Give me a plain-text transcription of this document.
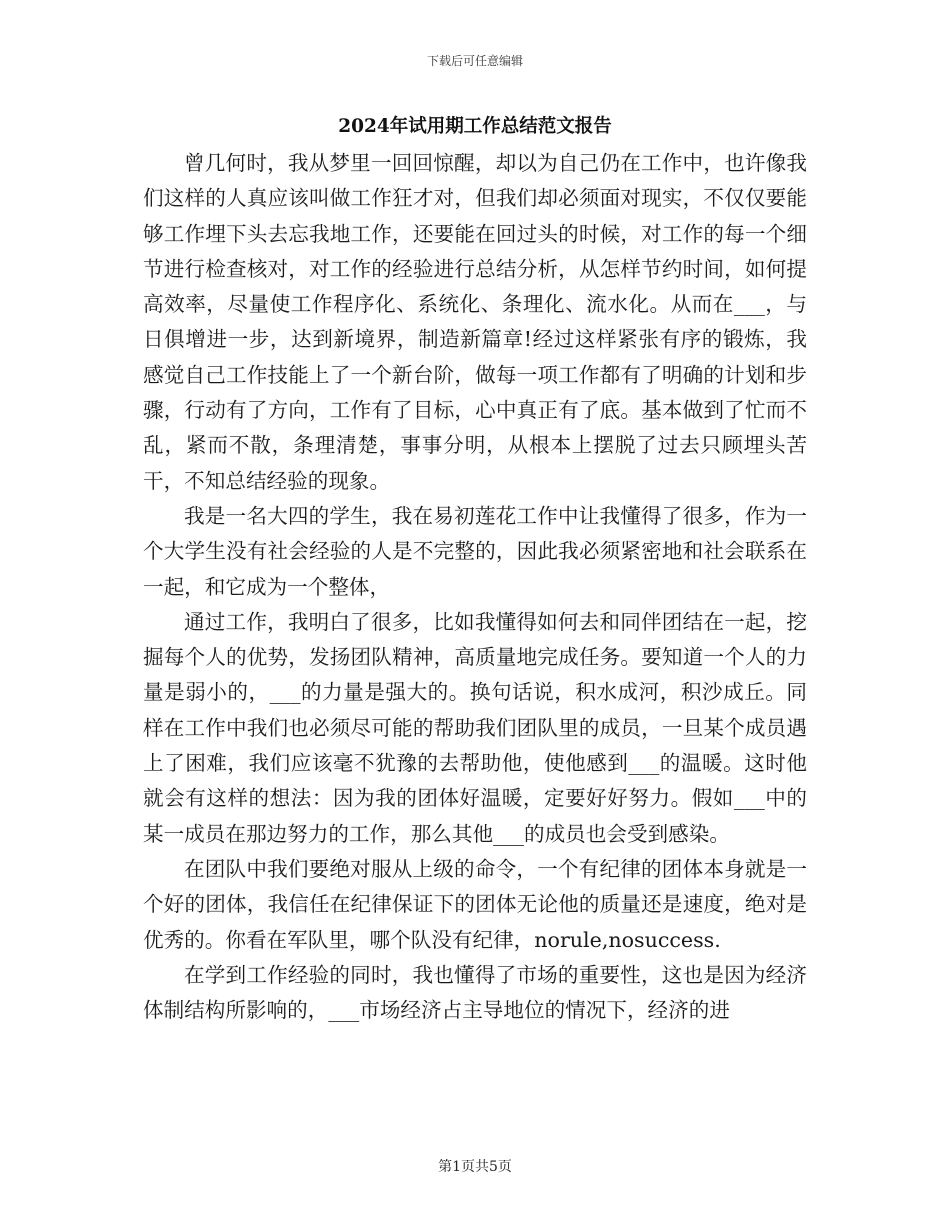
下载后可任意编辑
2024年试用期工作总结范文报告

曾几何时，我从梦里一回回惊醒，却以为自己仍在工作中，也许像我们这样的人真应该叫做工作狂才对，但我们却必须面对现实，不仅仅要能够工作埋下头去忘我地工作，还要能在回过头的时候，对工作的每一个细节进行检查核对，对工作的经验进行总结分析，从怎样节约时间，如何提高效率，尽量使工作程序化、系统化、条理化、流水化。从而在___，与日俱增进一步，达到新境界，制造新篇章!经过这样紧张有序的锻炼，我感觉自己工作技能上了一个新台阶，做每一项工作都有了明确的计划和步骤，行动有了方向，工作有了目标，心中真正有了底。基本做到了忙而不乱，紧而不散，条理清楚，事事分明，从根本上摆脱了过去只顾埋头苦干，不知总结经验的现象。

我是一名大四的学生，我在易初莲花工作中让我懂得了很多，作为一个大学生没有社会经验的人是不完整的，因此我必须紧密地和社会联系在一起，和它成为一个整体，

通过工作，我明白了很多，比如我懂得如何去和同伴团结在一起，挖掘每个人的优势，发扬团队精神，高质量地完成任务。要知道一个人的力量是弱小的，___的力量是强大的。换句话说，积水成河，积沙成丘。同样在工作中我们也必须尽可能的帮助我们团队里的成员，一旦某个成员遇上了困难，我们应该毫不犹豫的去帮助他，使他感到___的温暖。这时他就会有这样的想法：因为我的团体好温暖，定要好好努力。假如___中的某一成员在那边努力的工作，那么其他___的成员也会受到感染。

在团队中我们要绝对服从上级的命令，一个有纪律的团体本身就是一个好的团体，我信任在纪律保证下的团体无论他的质量还是速度，绝对是优秀的。你看在军队里，哪个队没有纪律，norule,nosuccess.

在学到工作经验的同时，我也懂得了市场的重要性，这也是因为经济体制结构所影响的，___市场经济占主导地位的情况下，经济的进

第1页共5页
